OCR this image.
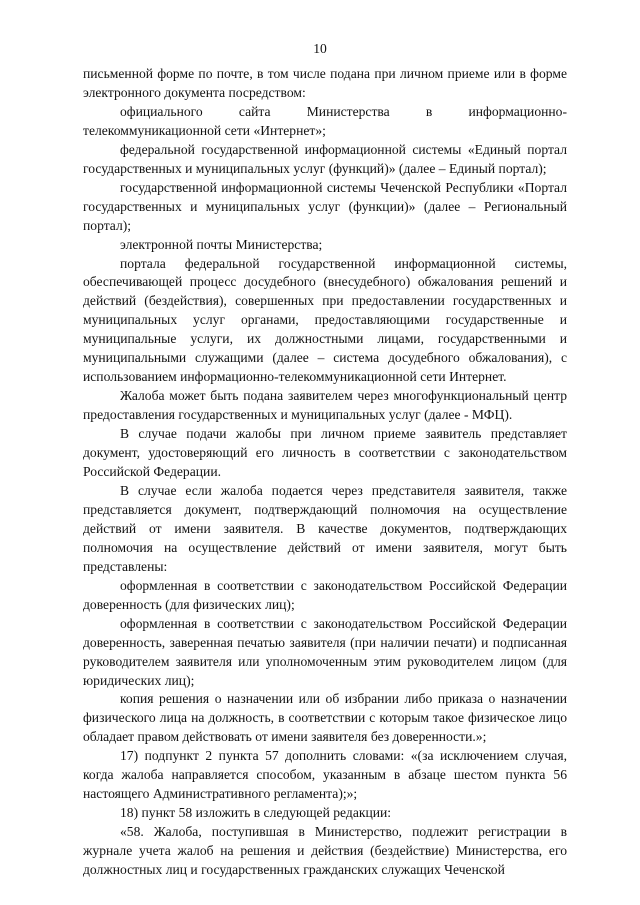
10

письменной форме по почте, в том числе подана при личном приеме или в форме электронного документа посредством:

официального сайта Министерства в информационно-телекоммуникационной сети «Интернет»;

федеральной государственной информационной системы «Единый портал государственных и муниципальных услуг (функций)» (далее – Единый портал);

государственной информационной системы Чеченской Республики «Портал государственных и муниципальных услуг (функции)» (далее – Региональный портал);

электронной почты Министерства;

портала федеральной государственной информационной системы, обеспечивающей процесс досудебного (внесудебного) обжалования решений и действий (бездействия), совершенных при предоставлении государственных и муниципальных услуг органами, предоставляющими государственные и муниципальные услуги, их должностными лицами, государственными и муниципальными служащими (далее – система досудебного обжалования), с использованием информационно-телекоммуникационной сети Интернет.

Жалоба может быть подана заявителем через многофункциональный центр предоставления государственных и муниципальных услуг (далее - МФЦ).

В случае подачи жалобы при личном приеме заявитель представляет документ, удостоверяющий его личность в соответствии с законодательством Российской Федерации.

В случае если жалоба подается через представителя заявителя, также представляется документ, подтверждающий полномочия на осуществление действий от имени заявителя. В качестве документов, подтверждающих полномочия на осуществление действий от имени заявителя, могут быть представлены:

оформленная в соответствии с законодательством Российской Федерации доверенность (для физических лиц);

оформленная в соответствии с законодательством Российской Федерации доверенность, заверенная печатью заявителя (при наличии печати) и подписанная руководителем заявителя или уполномоченным этим руководителем лицом (для юридических лиц);

копия решения о назначении или об избрании либо приказа о назначении физического лица на должность, в соответствии с которым такое физическое лицо обладает правом действовать от имени заявителя без доверенности.»;

17) подпункт 2 пункта 57 дополнить словами: «(за исключением случая, когда жалоба направляется способом, указанным в абзаце шестом пункта 56 настоящего Административного регламента);»;

18) пункт 58 изложить в следующей редакции:

«58. Жалоба, поступившая в Министерство, подлежит регистрации в журнале учета жалоб на решения и действия (бездействие) Министерства, его должностных лиц и государственных гражданских служащих Чеченской
